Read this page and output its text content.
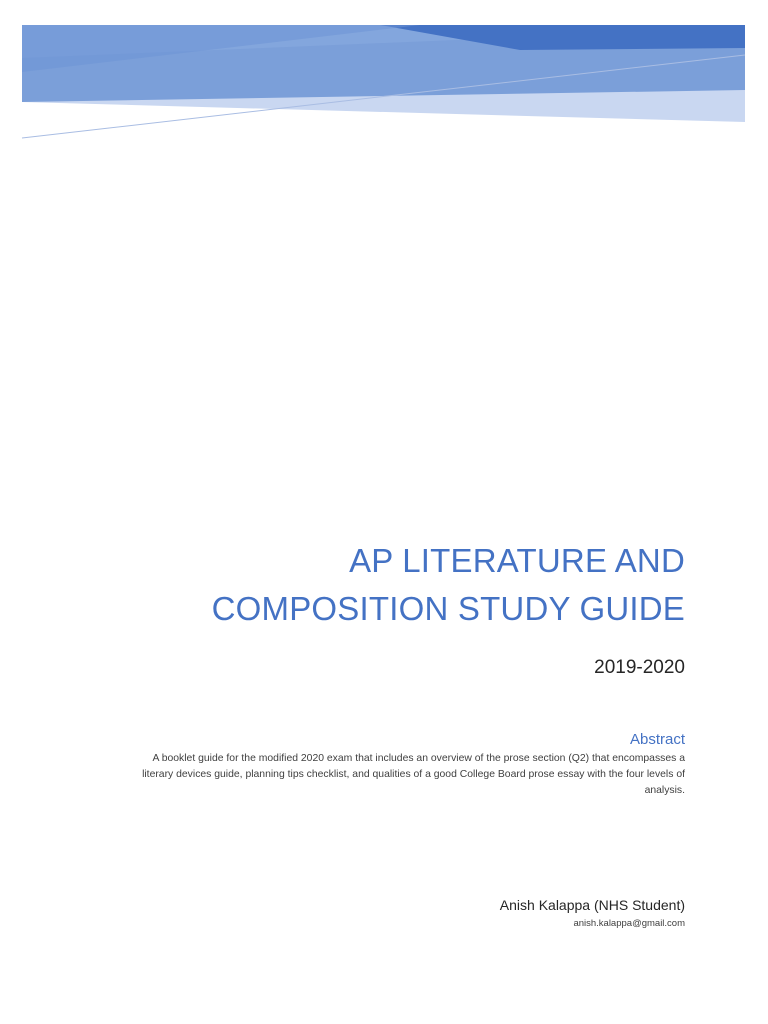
AP LITERATURE AND
COMPOSITION STUDY GUIDE
2019-2020
Abstract
A booklet guide for the modified 2020 exam that includes an overview of the prose section (Q2) that encompasses a literary devices guide, planning tips checklist, and qualities of a good College Board prose essay with the four levels of analysis.
Anish Kalappa (NHS Student)
anish.kalappa@gmail.com
